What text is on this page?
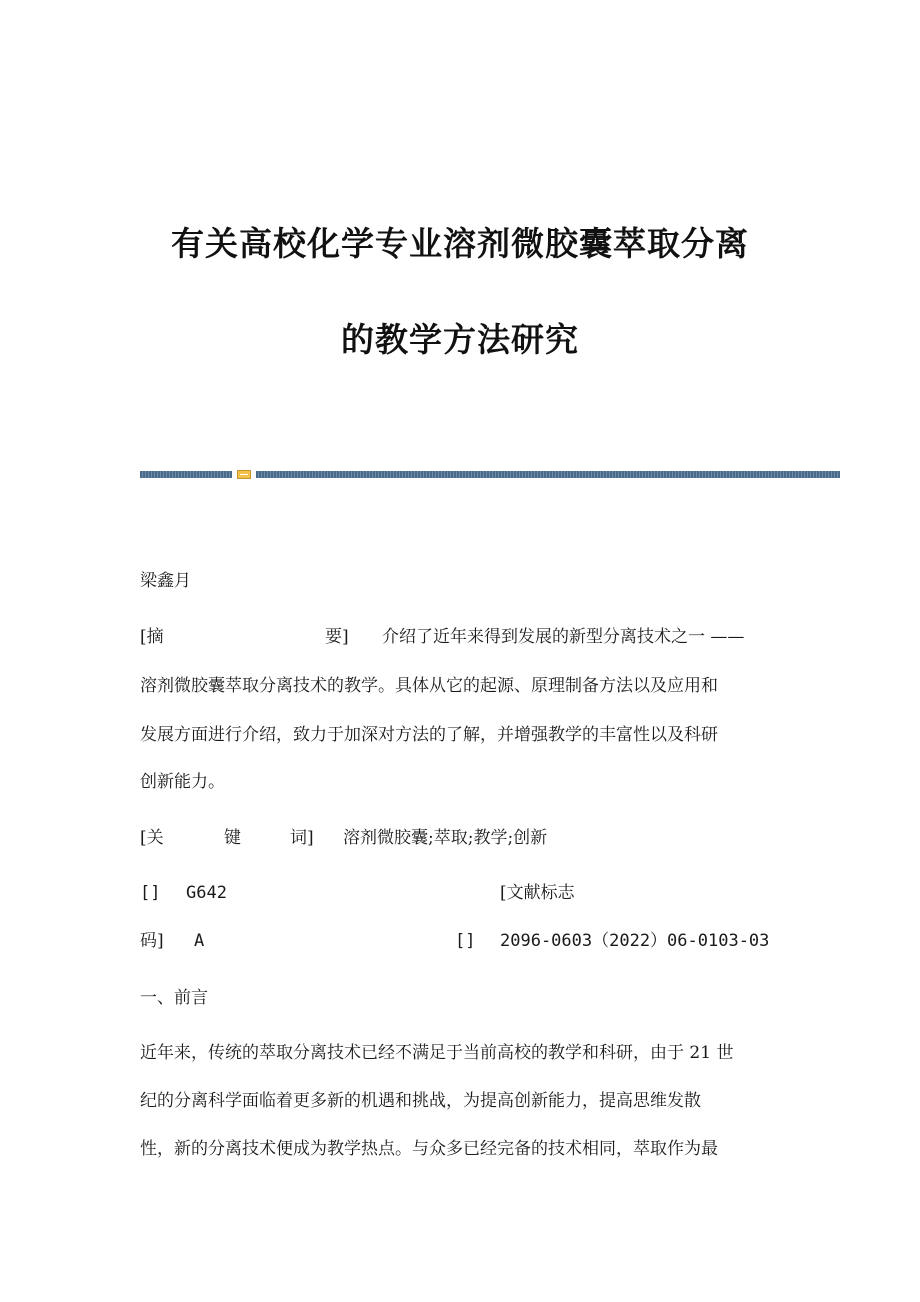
有关高校化学专业溶剂微胶囊萃取分离
的教学方法研究
梁鑫月
[摘	要] 介绍了近年来得到发展的新型分离技术之一 ——
溶剂微胶囊萃取分离技术的教学。具体从它的起源、原理制备方法以及应用和
发展方面进行介绍，致力于加深对方法的了解，并增强教学的丰富性以及科研
创新能力。
[关	键	词] 溶剂微胶囊;萃取;教学;创新
[] G642	[文献标志
码] A	[] 2096-0603（2022）06-0103-03
一、前言
近年来，传统的萃取分离技术已经不满足于当前高校的教学和科研，由于 21 世
纪的分离科学面临着更多新的机遇和挑战，为提高创新能力，提高思维发散
性，新的分离技术便成为教学热点。与众多已经完备的技术相同，萃取作为最
